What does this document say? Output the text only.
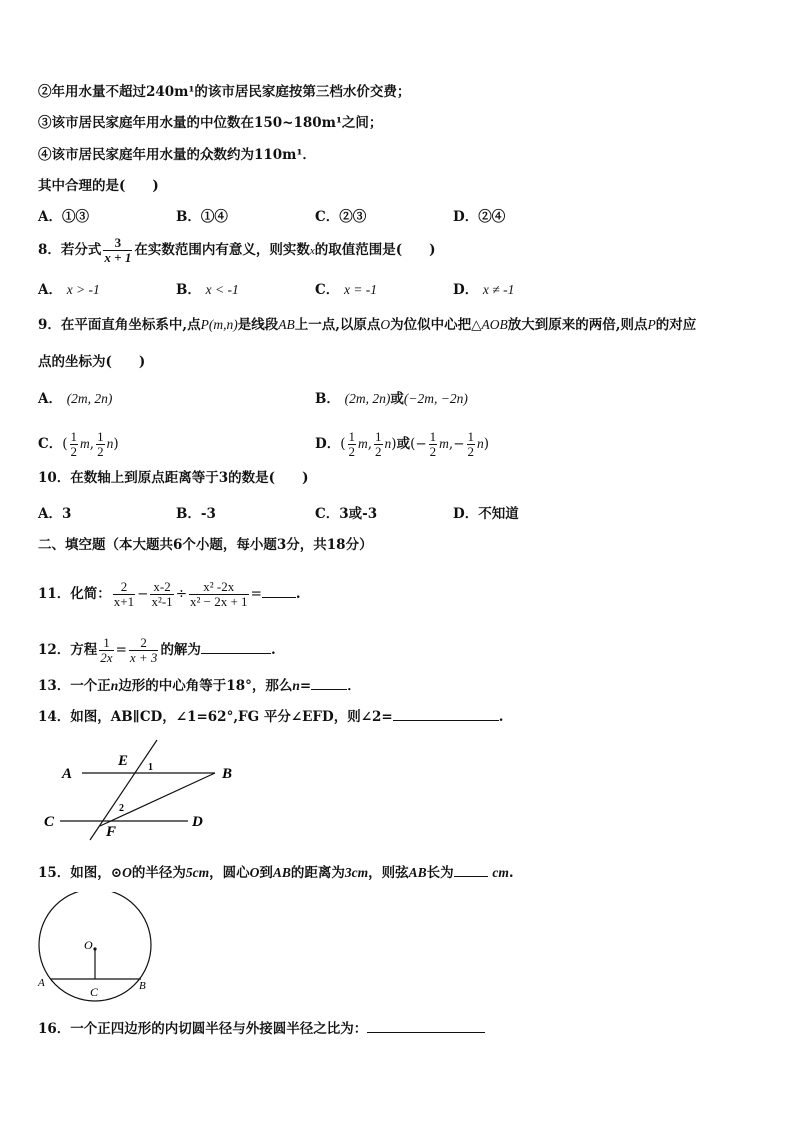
②年用水量不超过240m¹的该市居民家庭按第三档水价交费；
③该市居民家庭年用水量的中位数在150~180m¹之间；
④该市居民家庭年用水量的众数约为110m¹．
其中合理的是(　　)
A．①③	B．①④	C．②③	D．②④
8．若分式 $\frac{3}{x + 1}$ 在实数范围内有意义，则实数x的取值范围是(　　)
A． x > -1	B． x < -1	C． x = -1	D． x ≠ -1
9．在平面直角坐标系中,点P(m,n)是线段AB上一点,以原点O为位似中心把△AOB放大到原来的两倍,则点P的对应
点的坐标为(　　)
A． (2m, 2n)	B． (2m, 2n)或(−2m, −2n)
C．( $\frac{1}{2} m$, $\frac{1}{2} n$)	D．( $\frac{1}{2} m$, $\frac{1}{2} n$)或(− $\frac{1}{2} m,- \frac{1}{2} n$)
10．在数轴上到原点距离等于3的数是(　　)
A．3	B．-3	C．3或-3	D．不知道
二、填空题（本大题共6个小题，每小题3分，共18分）
11．化简： $\frac{2}{x+1} - \frac{x-2}{\text{x²-1}} \div \frac{\text{x² -2x}}{\text{x² − 2x + 1}}$ =	.
12．方程 $\frac{1}{2x} = \frac{2}{x + 3}$ 的解为	.
13．一个正n边形的中心角等于18°，那么n=	．
14．如图，AB∥CD，∠1=62°,FG 平分∠EFD，则∠2=	.
A	B
C	D
E
F
1
2
15．如图，⊙O的半径为5cm，圆心O到AB的距离为3cm，则弦AB长为	cm.
O
A	B
C
16．一个正四边形的内切圆半径与外接圆半径之比为：
